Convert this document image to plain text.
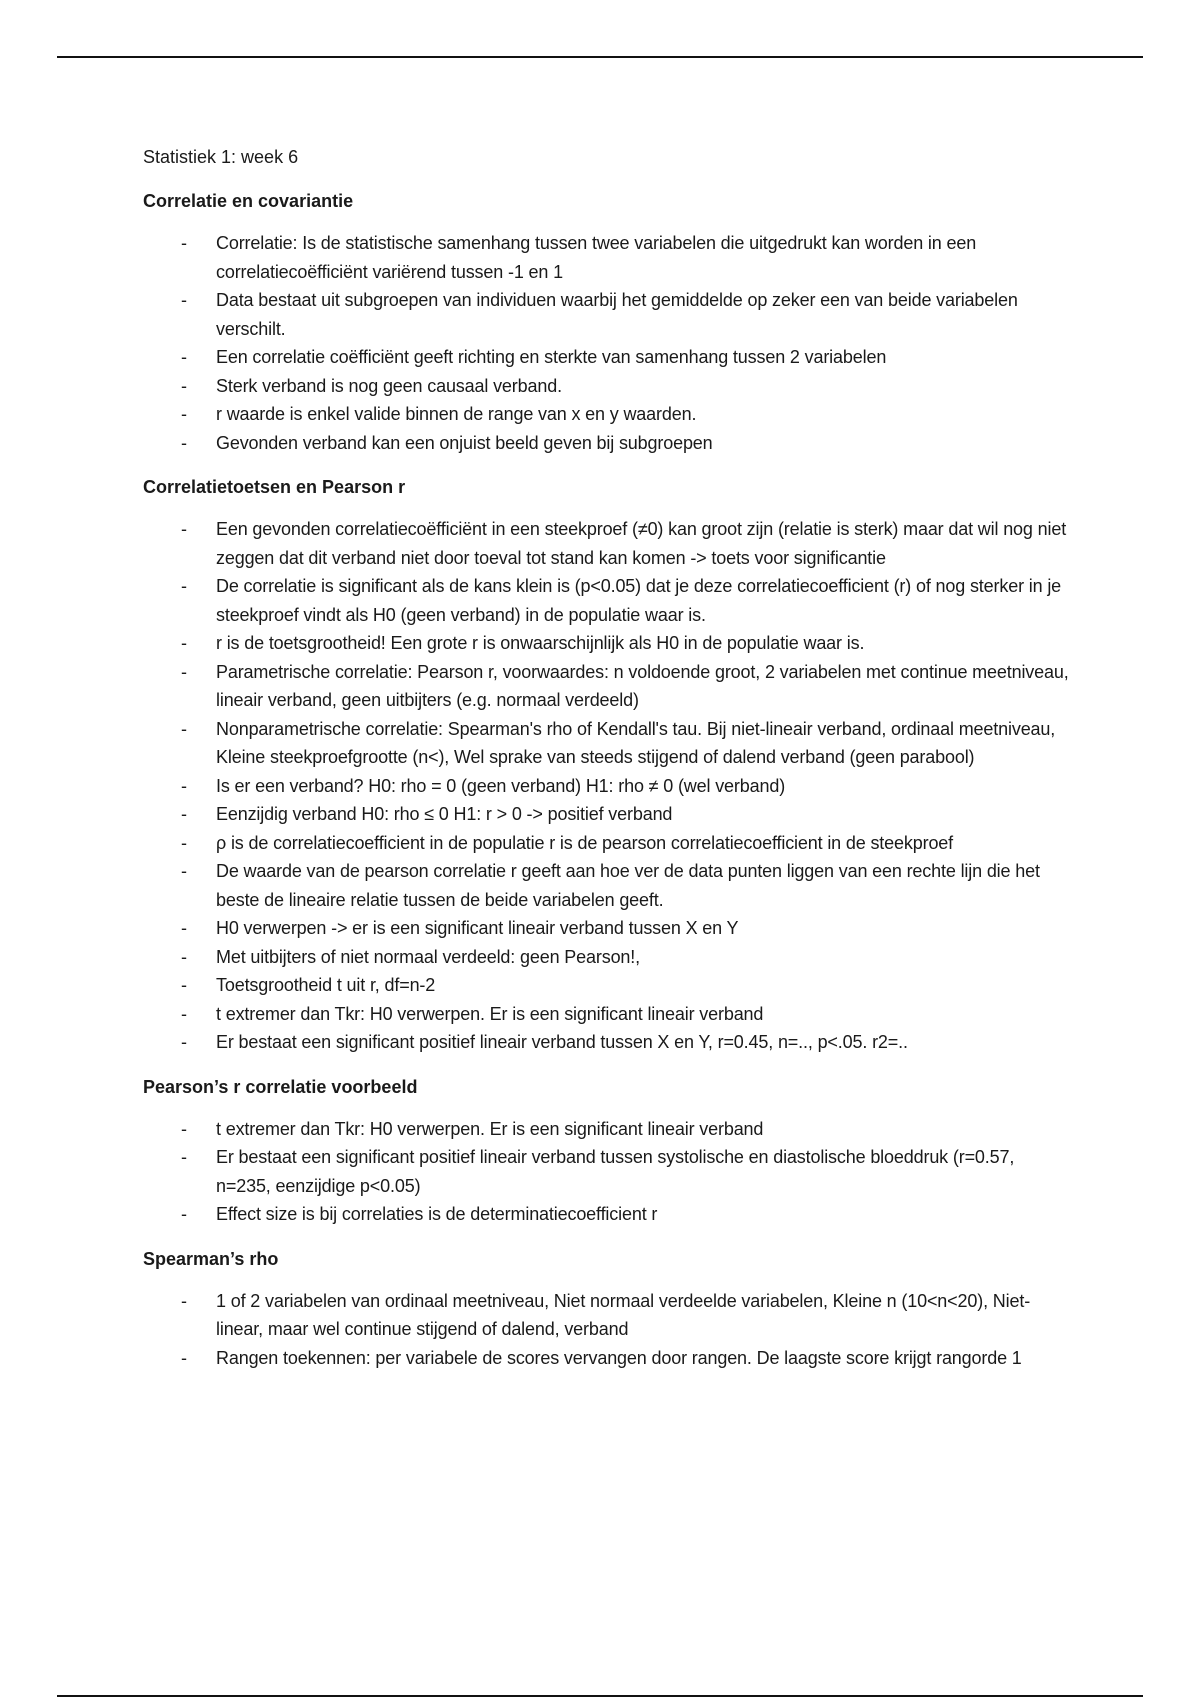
Statistiek 1: week 6
Correlatie en covariantie
- Correlatie: Is de statistische samenhang tussen twee variabelen die uitgedrukt kan worden in een correlatiecoëfficiënt variërend tussen -1 en 1
- Data bestaat uit subgroepen van individuen waarbij het gemiddelde op zeker een van beide variabelen verschilt.
- Een correlatie coëfficiënt geeft richting en sterkte van samenhang tussen 2 variabelen
- Sterk verband is nog geen causaal verband.
- r waarde is enkel valide binnen de range van x en y waarden.
- Gevonden verband kan een onjuist beeld geven bij subgroepen
Correlatietoetsen en Pearson r
- Een gevonden correlatiecoëfficiënt in een steekproef (≠0) kan groot zijn (relatie is sterk) maar dat wil nog niet zeggen dat dit verband niet door toeval tot stand kan komen -> toets voor significantie
- De correlatie is significant als de kans klein is (p<0.05) dat je deze correlatiecoefficient (r) of nog sterker in je steekproef vindt als H0 (geen verband) in de populatie waar is.
- r is de toetsgrootheid! Een grote r is onwaarschijnlijk als H0 in de populatie waar is.
- Parametrische correlatie: Pearson r, voorwaardes: n voldoende groot, 2 variabelen met continue meetniveau, lineair verband, geen uitbijters (e.g. normaal verdeeld)
- Nonparametrische correlatie: Spearman's rho of Kendall's tau. Bij niet-lineair verband, ordinaal meetniveau, Kleine steekproefgrootte (n<), Wel sprake van steeds stijgend of dalend verband (geen parabool)
- Is er een verband? H0: rho = 0 (geen verband) H1: rho ≠ 0 (wel verband)
- Eenzijdig verband H0: rho ≤ 0 H1: r > 0 -> positief verband
- ρ is de correlatiecoefficient in de populatie r is de pearson correlatiecoefficient in de steekproef
- De waarde van de pearson correlatie r geeft aan hoe ver de data punten liggen van een rechte lijn die het beste de lineaire relatie tussen de beide variabelen geeft.
- H0 verwerpen -> er is een significant lineair verband tussen X en Y
- Met uitbijters of niet normaal verdeeld: geen Pearson!,
- Toetsgrootheid t uit r, df=n-2
- t extremer dan Tkr: H0 verwerpen. Er is een significant lineair verband
- Er bestaat een significant positief lineair verband tussen X en Y, r=0.45, n=.., p<.05. r2=..
Pearson’s r correlatie voorbeeld
- t extremer dan Tkr: H0 verwerpen. Er is een significant lineair verband
- Er bestaat een significant positief lineair verband tussen systolische en diastolische bloeddruk (r=0.57, n=235, eenzijdige p<0.05)
- Effect size is bij correlaties is de determinatiecoefficient r
Spearman’s rho
- 1 of 2 variabelen van ordinaal meetniveau, Niet normaal verdeelde variabelen, Kleine n (10<n<20), Niet-linear, maar wel continue stijgend of dalend, verband
- Rangen toekennen: per variabele de scores vervangen door rangen. De laagste score krijgt rangorde 1
